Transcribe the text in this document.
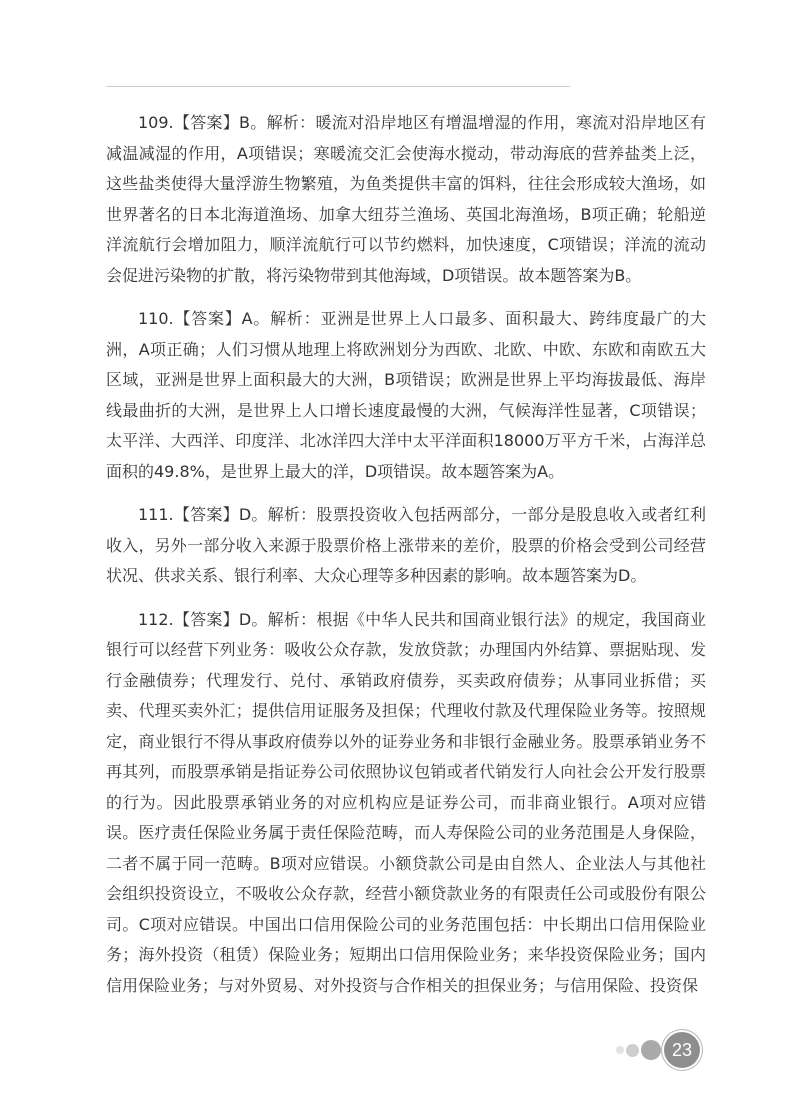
109.【答案】B。解析：暖流对沿岸地区有增温增湿的作用，寒流对沿岸地区有减温减湿的作用，A项错误；寒暖流交汇会使海水搅动，带动海底的营养盐类上泛，这些盐类使得大量浮游生物繁殖，为鱼类提供丰富的饵料，往往会形成较大渔场，如世界著名的日本北海道渔场、加拿大纽芬兰渔场、英国北海渔场，B项正确；轮船逆洋流航行会增加阻力，顺洋流航行可以节约燃料，加快速度，C项错误；洋流的流动会促进污染物的扩散，将污染物带到其他海域，D项错误。故本题答案为B。

110.【答案】A。解析：亚洲是世界上人口最多、面积最大、跨纬度最广的大洲，A项正确；人们习惯从地理上将欧洲划分为西欧、北欧、中欧、东欧和南欧五大区域，亚洲是世界上面积最大的大洲，B项错误；欧洲是世界上平均海拔最低、海岸线最曲折的大洲，是世界上人口增长速度最慢的大洲，气候海洋性显著，C项错误；太平洋、大西洋、印度洋、北冰洋四大洋中太平洋面积18000万平方千米，占海洋总面积的49.8%，是世界上最大的洋，D项错误。故本题答案为A。

111.【答案】D。解析：股票投资收入包括两部分，一部分是股息收入或者红利收入，另外一部分收入来源于股票价格上涨带来的差价，股票的价格会受到公司经营状况、供求关系、银行利率、大众心理等多种因素的影响。故本题答案为D。

112.【答案】D。解析：根据《中华人民共和国商业银行法》的规定，我国商业银行可以经营下列业务：吸收公众存款，发放贷款；办理国内外结算、票据贴现、发行金融债券；代理发行、兑付、承销政府债券，买卖政府债券；从事同业拆借；买卖、代理买卖外汇；提供信用证服务及担保；代理收付款及代理保险业务等。按照规定，商业银行不得从事政府债券以外的证券业务和非银行金融业务。股票承销业务不再其列，而股票承销是指证券公司依照协议包销或者代销发行人向社会公开发行股票的行为。因此股票承销业务的对应机构应是证券公司，而非商业银行。A项对应错误。医疗责任保险业务属于责任保险范畴，而人寿保险公司的业务范围是人身保险，二者不属于同一范畴。B项对应错误。小额贷款公司是由自然人、企业法人与其他社会组织投资设立，不吸收公众存款，经营小额贷款业务的有限责任公司或股份有限公司。C项对应错误。中国出口信用保险公司的业务范围包括：中长期出口信用保险业务；海外投资（租赁）保险业务；短期出口信用保险业务；来华投资保险业务；国内信用保险业务；与对外贸易、对外投资与合作相关的担保业务；与信用保险、投资保

23
